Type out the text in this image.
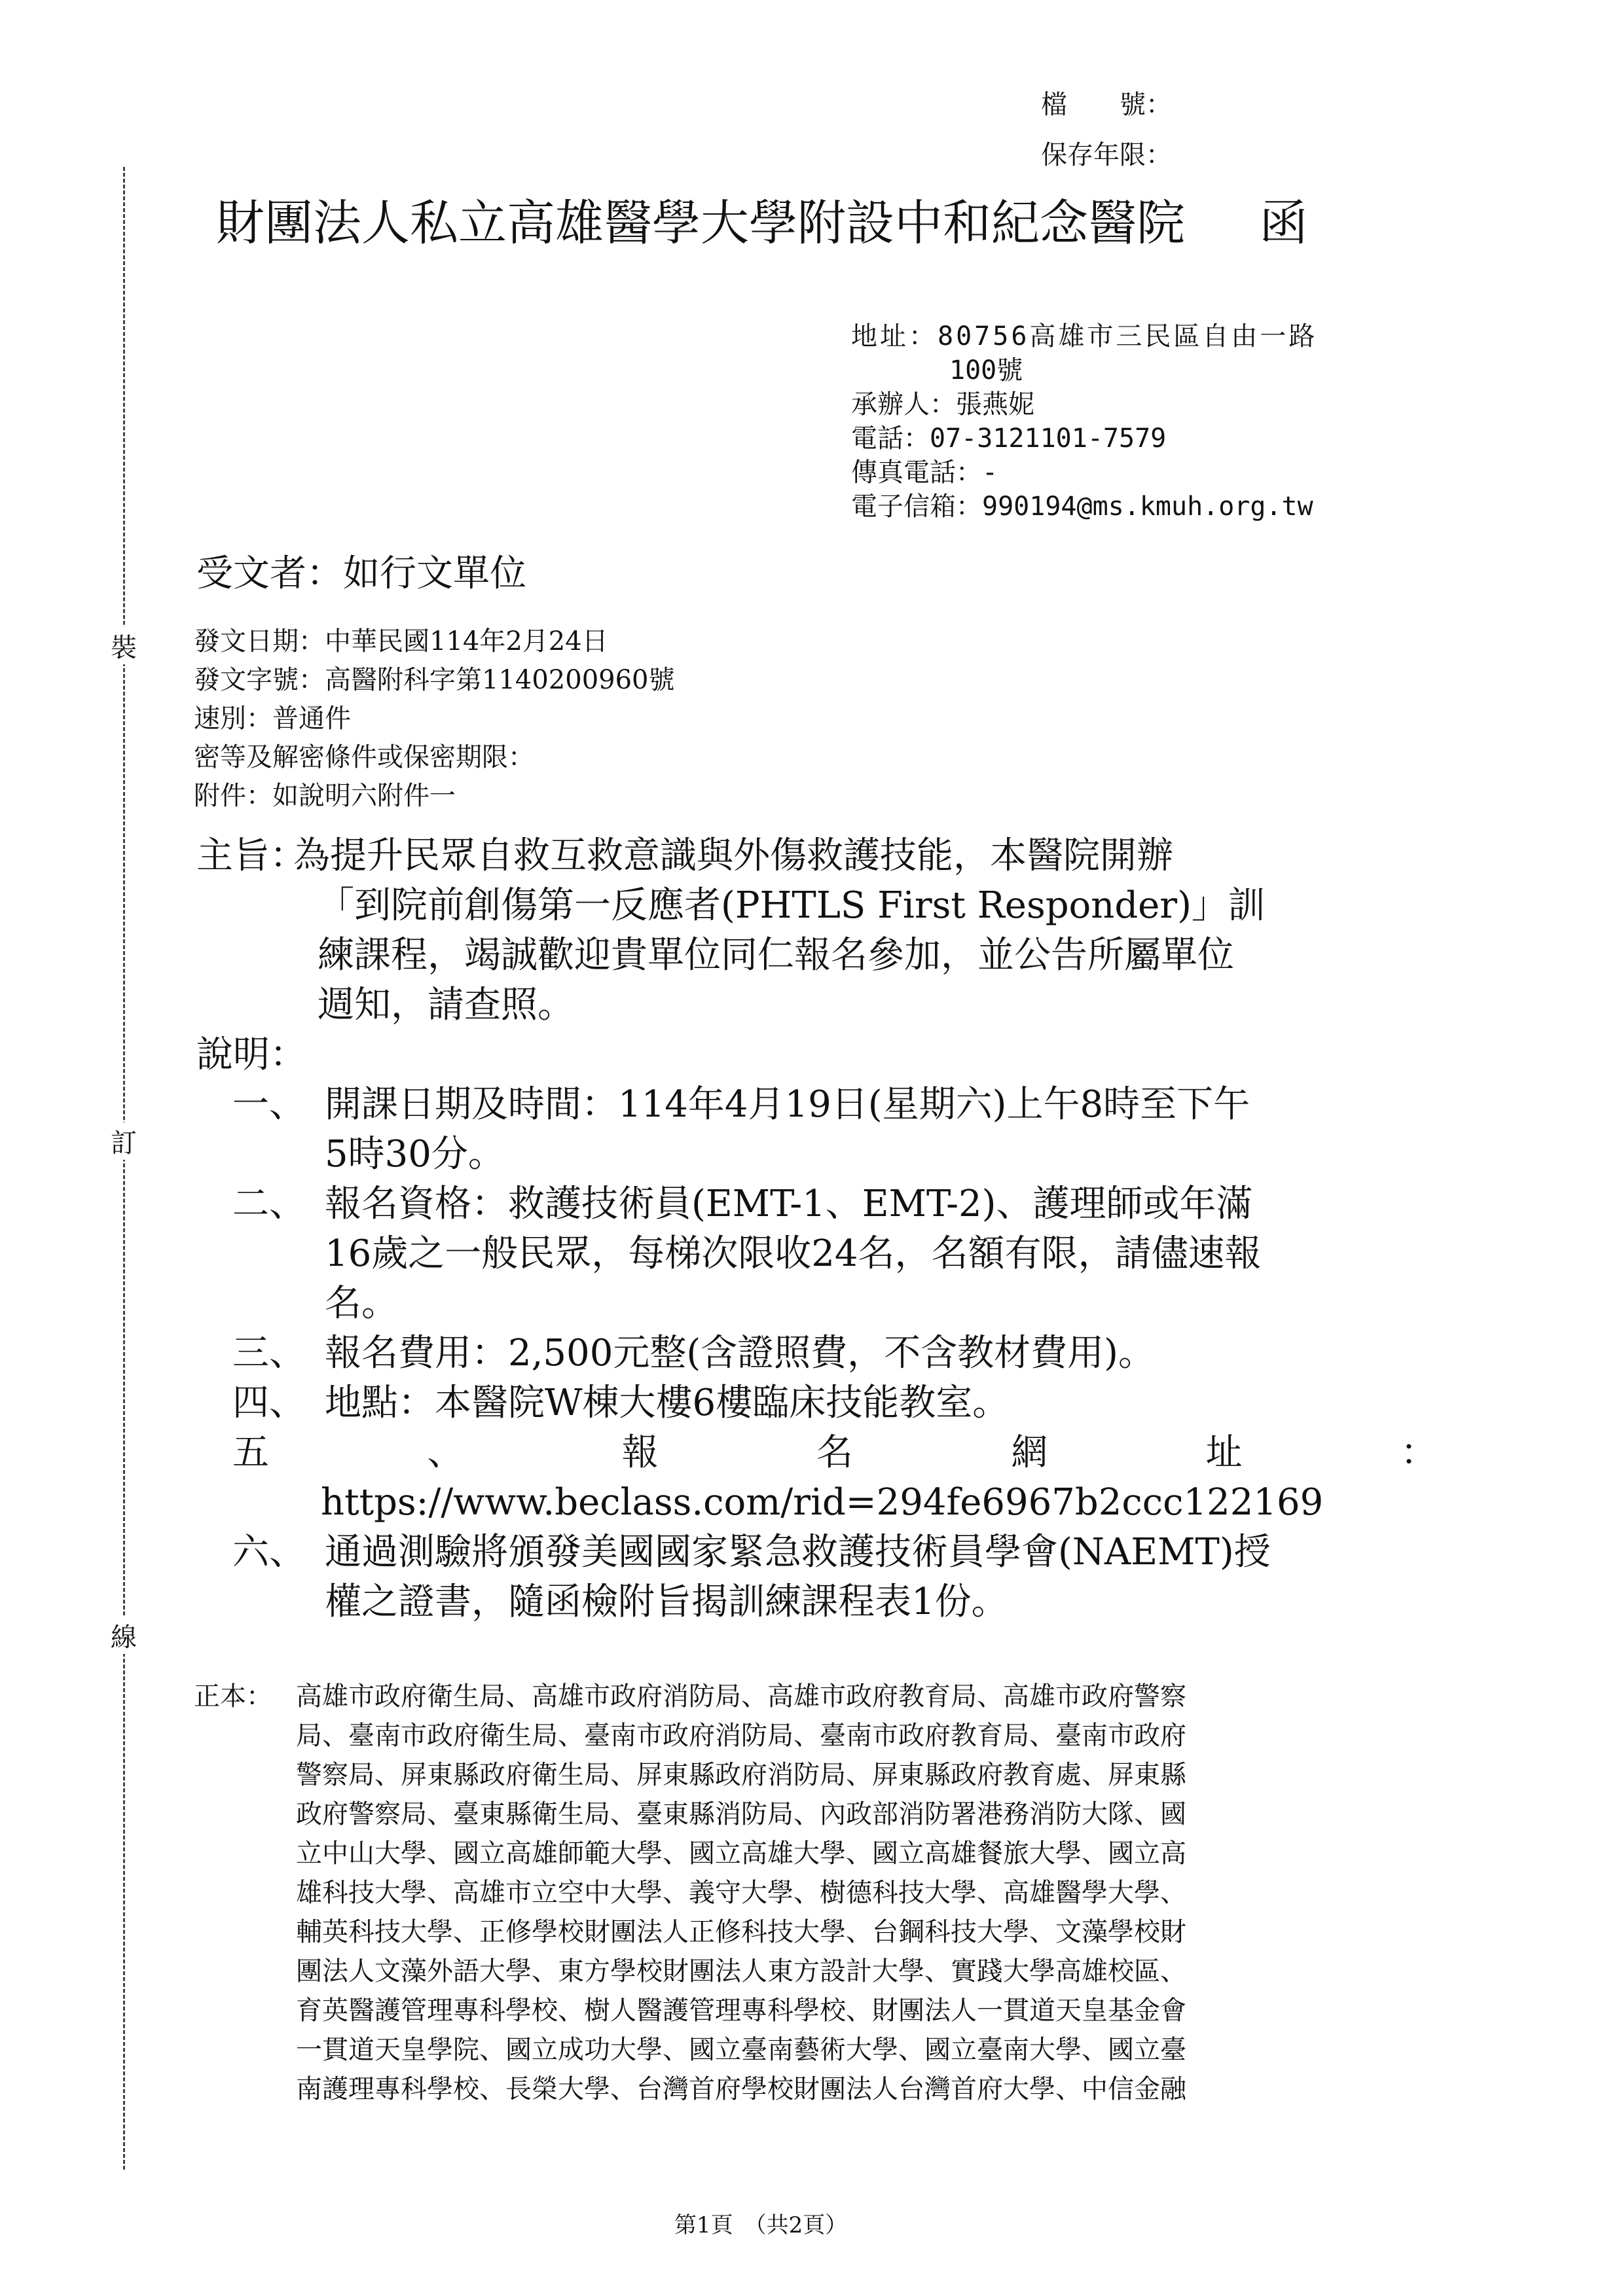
裝
訂
線
檔　　號：
保存年限：
財團法人私立高雄醫學大學附設中和紀念醫院 函
地址：80756高雄市三民區自由一路
100號
承辦人：張燕妮
電話：07-3121101-7579
傳真電話：-
電子信箱：990194@ms.kmuh.org.tw
受文者：如行文單位
發文日期：中華民國114年2月24日
發文字號：高醫附科字第1140200960號
速別：普通件
密等及解密條件或保密期限：
附件：如說明六附件一
主旨：
為提升民眾自救互救意識與外傷救護技能，本醫院開辦
「到院前創傷第一反應者(PHTLS First Responder)」訓
練課程，竭誠歡迎貴單位同仁報名參加，並公告所屬單位
週知，請查照。
說明：
一、 開課日期及時間：114年4月19日(星期六)上午8時至下午
5時30分。
二、 報名資格：救護技術員(EMT-1、EMT-2)、護理師或年滿
16歲之一般民眾，每梯次限收24名，名額有限，請儘速報
名。
三、 報名費用：2,500元整(含證照費，不含教材費用)。
四、 地點：本醫院W棟大樓6樓臨床技能教室。
五	、	報	名	網	址	：
https://www.beclass.com/rid=294fe6967b2ccc122169
六、 通過測驗將頒發美國國家緊急救護技術員學會(NAEMT)授
權之證書，隨函檢附旨揭訓練課程表1份。
正本： 高雄市政府衛生局、高雄市政府消防局、高雄市政府教育局、高雄市政府警察
局、臺南市政府衛生局、臺南市政府消防局、臺南市政府教育局、臺南市政府
警察局、屏東縣政府衛生局、屏東縣政府消防局、屏東縣政府教育處、屏東縣
政府警察局、臺東縣衛生局、臺東縣消防局、內政部消防署港務消防大隊、國
立中山大學、國立高雄師範大學、國立高雄大學、國立高雄餐旅大學、國立高
雄科技大學、高雄市立空中大學、義守大學、樹德科技大學、高雄醫學大學、
輔英科技大學、正修學校財團法人正修科技大學、台鋼科技大學、文藻學校財
團法人文藻外語大學、東方學校財團法人東方設計大學、實踐大學高雄校區、
育英醫護管理專科學校、樹人醫護管理專科學校、財團法人一貫道天皇基金會
一貫道天皇學院、國立成功大學、國立臺南藝術大學、國立臺南大學、國立臺
南護理專科學校、長榮大學、台灣首府學校財團法人台灣首府大學、中信金融
第1頁　（共2頁）
